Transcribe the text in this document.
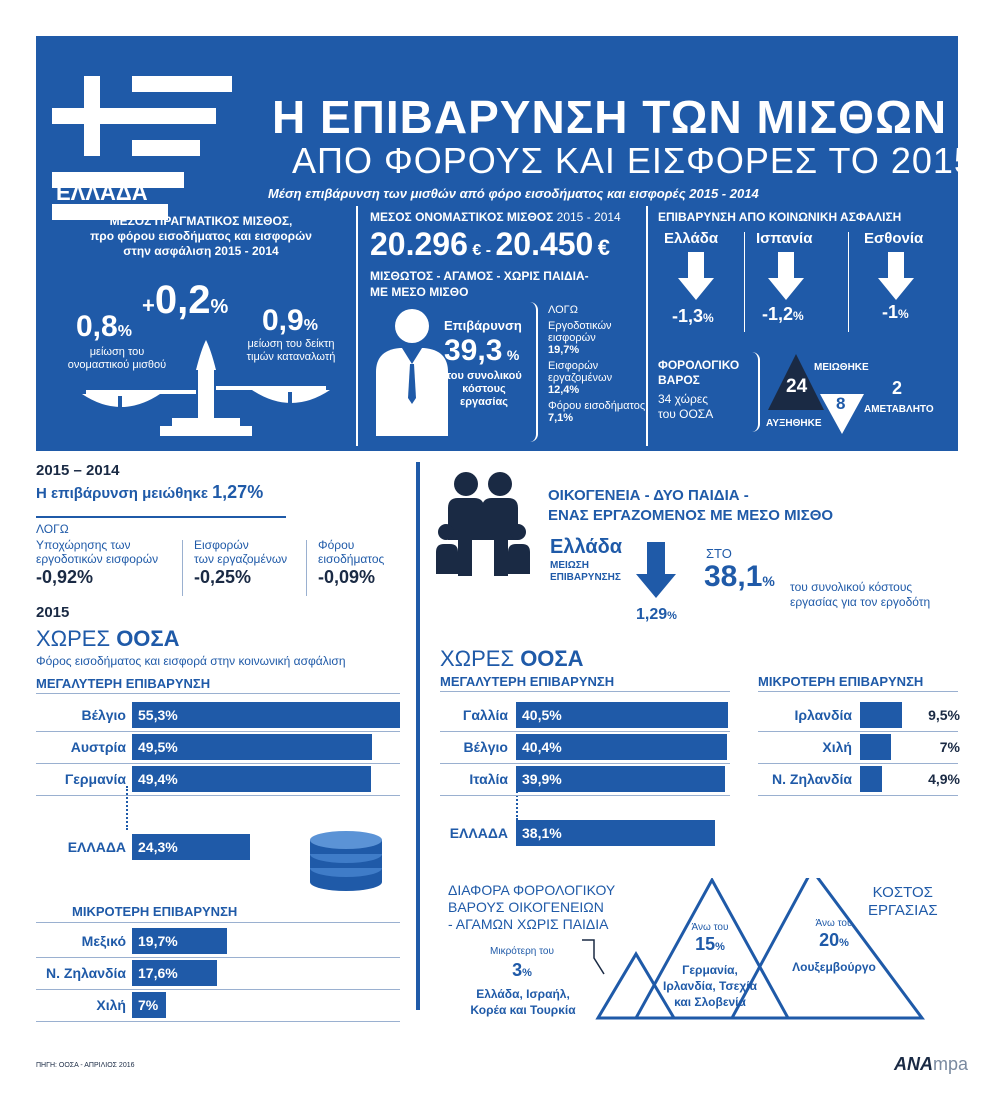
Η ΕΠΙΒΑΡΥΝΣΗ ΤΩΝ ΜΙΣΘΩΝ
ΑΠΟ ΦΟΡΟΥΣ ΚΑΙ ΕΙΣΦΟΡΕΣ ΤΟ 2015
Μέση επιβάρυνση των μισθών από φόρο εισοδήματος και εισφορές 2015 - 2014
ΕΛΛΑΔΑ
ΜΕΣΟΣ ΠΡΑΓΜΑΤΙΚΟΣ ΜΙΣΘΟΣ,
προ φόρου εισοδήματος και εισφορών
στην ασφάλιση 2015 - 2014
+0,2%
0,8%
μείωση του
ονομαστικού μισθού
0,9%
μείωση του δείκτη
τιμών καταναλωτή
ΜΕΣΟΣ ΟΝΟΜΑΣΤΙΚΟΣ ΜΙΣΘΟΣ 2015 - 2014
20.296 € - 20.450 €
ΜΙΣΘΩΤΟΣ - ΑΓΑΜΟΣ - ΧΩΡΙΣ ΠΑΙΔΙΑ-
ΜΕ ΜΕΣΟ ΜΙΣΘΟ
Επιβάρυνση
39,3 %
του συνολικού
κόστους
εργασίας
ΛΟΓΩ
Εργοδοτικών
εισφορών
19,7%
Εισφορών
εργαζομένων
12,4%
Φόρου εισοδήματος
7,1%
ΕΠΙΒΑΡΥΝΣΗ ΑΠΟ ΚΟΙΝΩΝΙΚΗ ΑΣΦΑΛΙΣΗ
Ελλάδα	Ισπανία	Εσθονία
-1,3%	-1,2%	-1%
ΦΟΡΟΛΟΓΙΚΟ
ΒΑΡΟΣ
34 χώρες
του ΟΟΣΑ
24
8
ΜΕΙΩΘΗΚΕ
ΑΥΞΗΘΗΚΕ
2
ΑΜΕΤΑΒΛΗΤΟ
2015 – 2014
Η επιβάρυνση μειώθηκε 1,27%
ΛΟΓΩ
Υποχώρησης των
εργοδοτικών εισφορών
-0,92%
Εισφορών
των εργαζομένων
-0,25%
Φόρου
εισοδήματος
-0,09%
2015
ΧΩΡΕΣ ΟΟΣΑ
Φόρος εισοδήματος και εισφορά στην κοινωνική ασφάλιση
ΜΕΓΑΛΥΤΕΡΗ ΕΠΙΒΑΡΥΝΣΗ
ΜΙΚΡΟΤΕΡΗ ΕΠΙΒΑΡΥΝΣΗ
ΟΙΚΟΓΕΝΕΙΑ - ΔΥΟ ΠΑΙΔΙΑ -
ΕΝΑΣ ΕΡΓΑΖΟΜΕΝΟΣ ΜΕ ΜΕΣΟ ΜΙΣΘΟ
Ελλάδα
ΜΕΙΩΣΗ
ΕΠΙΒΑΡΥΝΣΗΣ
1,29%
ΣΤΟ
38,1% του συνολικού κόστους
εργασίας για τον εργοδότη
ΧΩΡΕΣ ΟΟΣΑ
ΜΕΓΑΛΥΤΕΡΗ ΕΠΙΒΑΡΥΝΣΗ	ΜΙΚΡΟΤΕΡΗ ΕΠΙΒΑΡΥΝΣΗ
ΔΙΑΦΟΡΑ ΦΟΡΟΛΟΓΙΚΟΥ
ΒΑΡΟΥΣ ΟΙΚΟΓΕΝΕΙΩΝ
- ΑΓΑΜΩΝ ΧΩΡΙΣ ΠΑΙΔΙΑ
Μικρότερη του
3%
Ελλάδα, Ισραήλ,
Κορέα και Τουρκία
Άνω του
15%
Γερμανία,
Ιρλανδία, Τσεχία
και Σλοβενία
Άνω του
20%
Λουξεμβούργο
ΚΟΣΤΟΣ
ΕΡΓΑΣΙΑΣ
ΠΗΓΗ: ΟΟΣΑ - ΑΠΡΙΛΙΟΣ 2016	ANAmpa
Βέλγιο 55,3%
Αυστρία 49,5%
Γερμανία 49,4%
ΕΛΛΑΔΑ 24,3%
Μεξικό 19,7%
Ν. Ζηλανδία 17,6%
Χιλή 7%
Γαλλία	40,5%
Βέλγιο	40,4%
Ιταλία	39,9%
ΕΛΛΑΔΑ	38,1%
Ιρλανδία	9,5%
Χιλή	7%
Ν. Ζηλανδία	4,9%
